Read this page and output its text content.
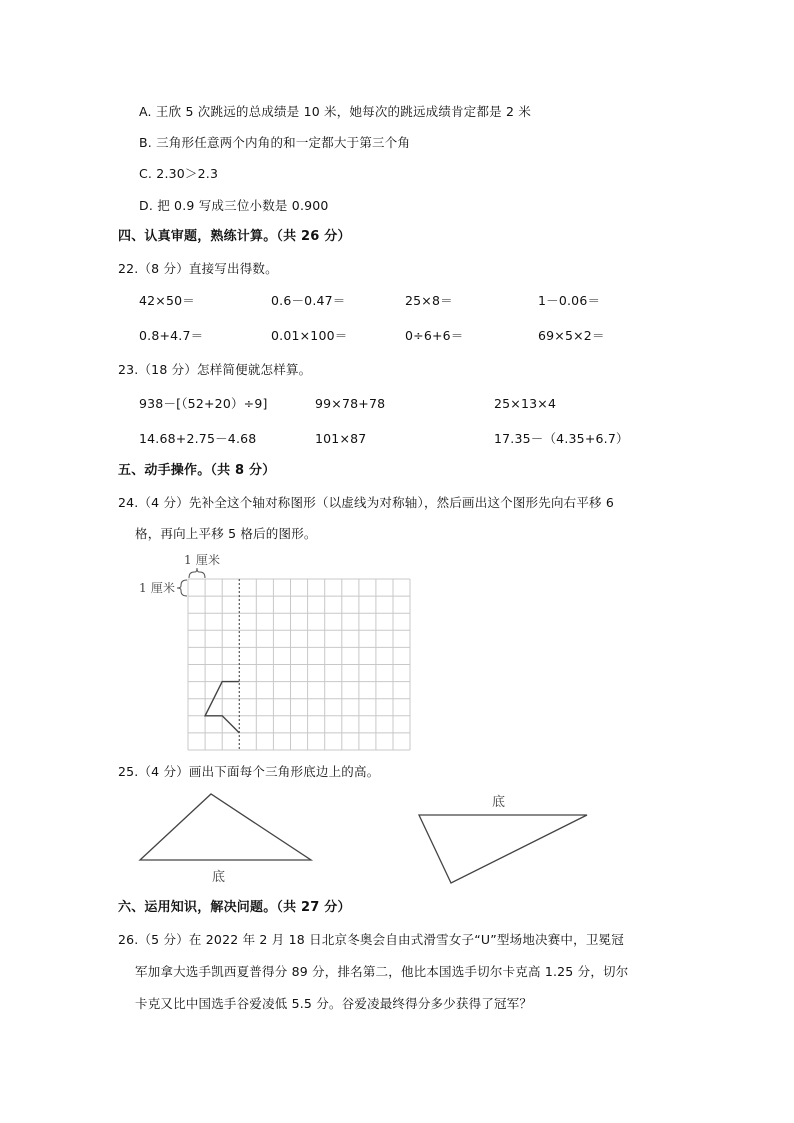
A. 王欣 5 次跳远的总成绩是 10 米，她每次的跳远成绩肯定都是 2 米
B. 三角形任意两个内角的和一定都大于第三个角
C. 2.30＞2.3
D. 把 0.9 写成三位小数是 0.900
四、认真审题，熟练计算。（共 26 分）
22.（8 分）直接写出得数。
42×50＝	0.6－0.47＝	25×8＝	1－0.06＝
0.8+4.7＝	0.01×100＝	0÷6+6＝	69×5×2＝
23.（18 分）怎样简便就怎样算。
938－[（52+20）÷9]	99×78+78	25×13×4
14.68+2.75－4.68	101×87	17.35－（4.35+6.7）
五、动手操作。（共 8 分）
24.（4 分）先补全这个轴对称图形（以虚线为对称轴），然后画出这个图形先向右平移 6
格，再向上平移 5 格后的图形。
1 厘米
1 厘米
25.（4 分）画出下面每个三角形底边上的高。
底
底
六、运用知识，解决问题。（共 27 分）
26.（5 分）在 2022 年 2 月 18 日北京冬奥会自由式滑雪女子“U”型场地决赛中，卫冕冠
军加拿大选手凯西夏普得分 89 分，排名第二，他比本国选手切尔卡克高 1.25 分，切尔
卡克又比中国选手谷爱凌低 5.5 分。谷爱凌最终得分多少获得了冠军？
